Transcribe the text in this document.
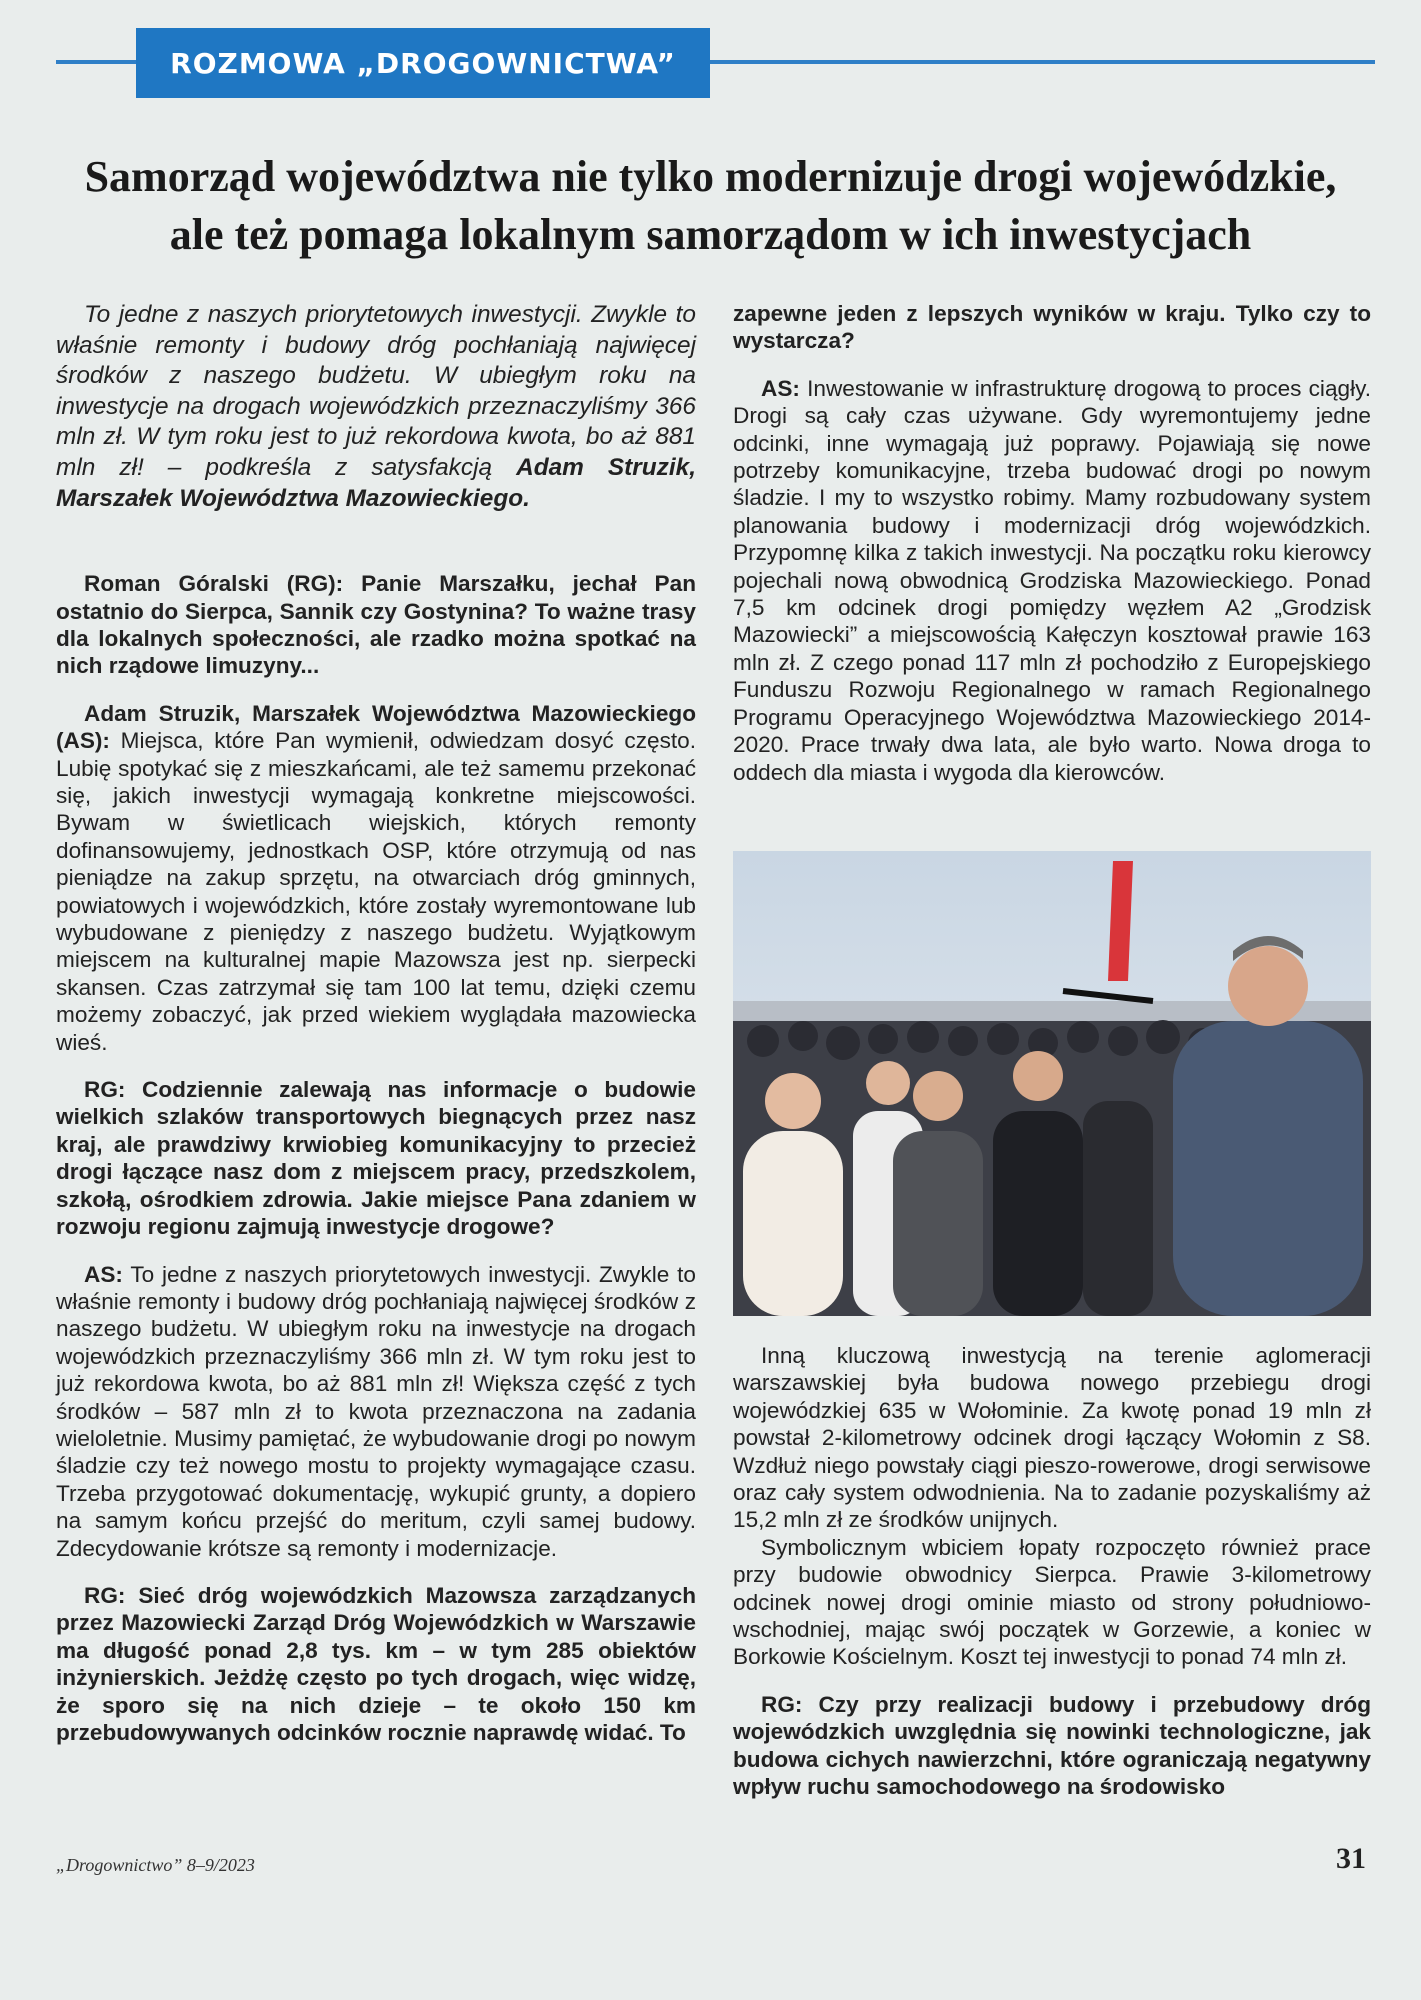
ROZMOWA „DROGOWNICTWA”
Samorząd województwa nie tylko modernizuje drogi wojewódzkie,
ale też pomaga lokalnym samorządom w ich inwestycjach

To jedne z naszych priorytetowych inwestycji. Zwykle to właśnie remonty i budowy dróg pochłaniają najwięcej środków z naszego budżetu. W ubiegłym roku na inwestycje na drogach wojewódzkich przeznaczyliśmy 366 mln zł. W tym roku jest to już rekordowa kwota, bo aż 881 mln zł! – podkreśla z satysfakcją Adam Struzik, Marszałek Województwa Mazowieckiego.

Roman Góralski (RG): Panie Marszałku, jechał Pan ostatnio do Sierpca, Sannik czy Gostynina? To ważne trasy dla lokalnych społeczności, ale rzadko można spotkać na nich rządowe limuzyny...

Adam Struzik, Marszałek Województwa Mazowieckiego (AS): Miejsca, które Pan wymienił, odwiedzam dosyć często. Lubię spotykać się z mieszkańcami, ale też samemu przekonać się, jakich inwestycji wymagają konkretne miejscowości. Bywam w świetlicach wiejskich, których remonty dofinansowujemy, jednostkach OSP, które otrzymują od nas pieniądze na zakup sprzętu, na otwarciach dróg gminnych, powiatowych i wojewódzkich, które zostały wyremontowane lub wybudowane z pieniędzy z naszego budżetu. Wyjątkowym miejscem na kulturalnej mapie Mazowsza jest np. sierpecki skansen. Czas zatrzymał się tam 100 lat temu, dzięki czemu możemy zobaczyć, jak przed wiekiem wyglądała mazowiecka wieś.

RG: Codziennie zalewają nas informacje o budowie wielkich szlaków transportowych biegnących przez nasz kraj, ale prawdziwy krwiobieg komunikacyjny to przecież drogi łączące nasz dom z miejscem pracy, przedszkolem, szkołą, ośrodkiem zdrowia. Jakie miejsce Pana zdaniem w rozwoju regionu zajmują inwestycje drogowe?

AS: To jedne z naszych priorytetowych inwestycji. Zwykle to właśnie remonty i budowy dróg pochłaniają najwięcej środków z naszego budżetu. W ubiegłym roku na inwestycje na drogach wojewódzkich przeznaczyliśmy 366 mln zł. W tym roku jest to już rekordowa kwota, bo aż 881 mln zł! Większa część z tych środków – 587 mln zł to kwota przeznaczona na zadania wieloletnie. Musimy pamiętać, że wybudowanie drogi po nowym śladzie czy też nowego mostu to projekty wymagające czasu. Trzeba przygotować dokumentację, wykupić grunty, a dopiero na samym końcu przejść do meritum, czyli samej budowy. Zdecydowanie krótsze są remonty i modernizacje.

RG: Sieć dróg wojewódzkich Mazowsza zarządzanych przez Mazowiecki Zarząd Dróg Wojewódzkich w Warszawie ma długość ponad 2,8 tys. km – w tym 285 obiektów inżynierskich. Jeżdżę często po tych drogach, więc widzę, że sporo się na nich dzieje – te około 150 km przebudowywanych odcinków rocznie naprawdę widać. To

zapewne jeden z lepszych wyników w kraju. Tylko czy to wystarcza?

AS: Inwestowanie w infrastrukturę drogową to proces ciągły. Drogi są cały czas używane. Gdy wyremontujemy jedne odcinki, inne wymagają już poprawy. Pojawiają się nowe potrzeby komunikacyjne, trzeba budować drogi po nowym śladzie. I my to wszystko robimy. Mamy rozbudowany system planowania budowy i modernizacji dróg wojewódzkich. Przypomnę kilka z takich inwestycji. Na początku roku kierowcy pojechali nową obwodnicą Grodziska Mazowieckiego. Ponad 7,5 km odcinek drogi pomiędzy węzłem A2 „Grodzisk Mazowiecki” a miejscowością Kałęczyn kosztował prawie 163 mln zł. Z czego ponad 117 mln zł pochodziło z Europejskiego Funduszu Rozwoju Regionalnego w ramach Regionalnego Programu Operacyjnego Województwa Mazowieckiego 2014-2020. Prace trwały dwa lata, ale było warto. Nowa droga to oddech dla miasta i wygoda dla kierowców.

Inną kluczową inwestycją na terenie aglomeracji warszawskiej była budowa nowego przebiegu drogi wojewódzkiej 635 w Wołominie. Za kwotę ponad 19 mln zł powstał 2-kilometrowy odcinek drogi łączący Wołomin z S8. Wzdłuż niego powstały ciągi pieszo-rowerowe, drogi serwisowe oraz cały system odwodnienia. Na to zadanie pozyskaliśmy aż 15,2 mln zł ze środków unijnych.

Symbolicznym wbiciem łopaty rozpoczęto również prace przy budowie obwodnicy Sierpca. Prawie 3-kilometrowy odcinek nowej drogi ominie miasto od strony południowo-wschodniej, mając swój początek w Gorzewie, a koniec w Borkowie Kościelnym. Koszt tej inwestycji to ponad 74 mln zł.

RG: Czy przy realizacji budowy i przebudowy dróg wojewódzkich uwzględnia się nowinki technologiczne, jak budowa cichych nawierzchni, które ograniczają negatywny wpływ ruchu samochodowego na środowisko

„Drogownictwo” 8–9/2023	31
